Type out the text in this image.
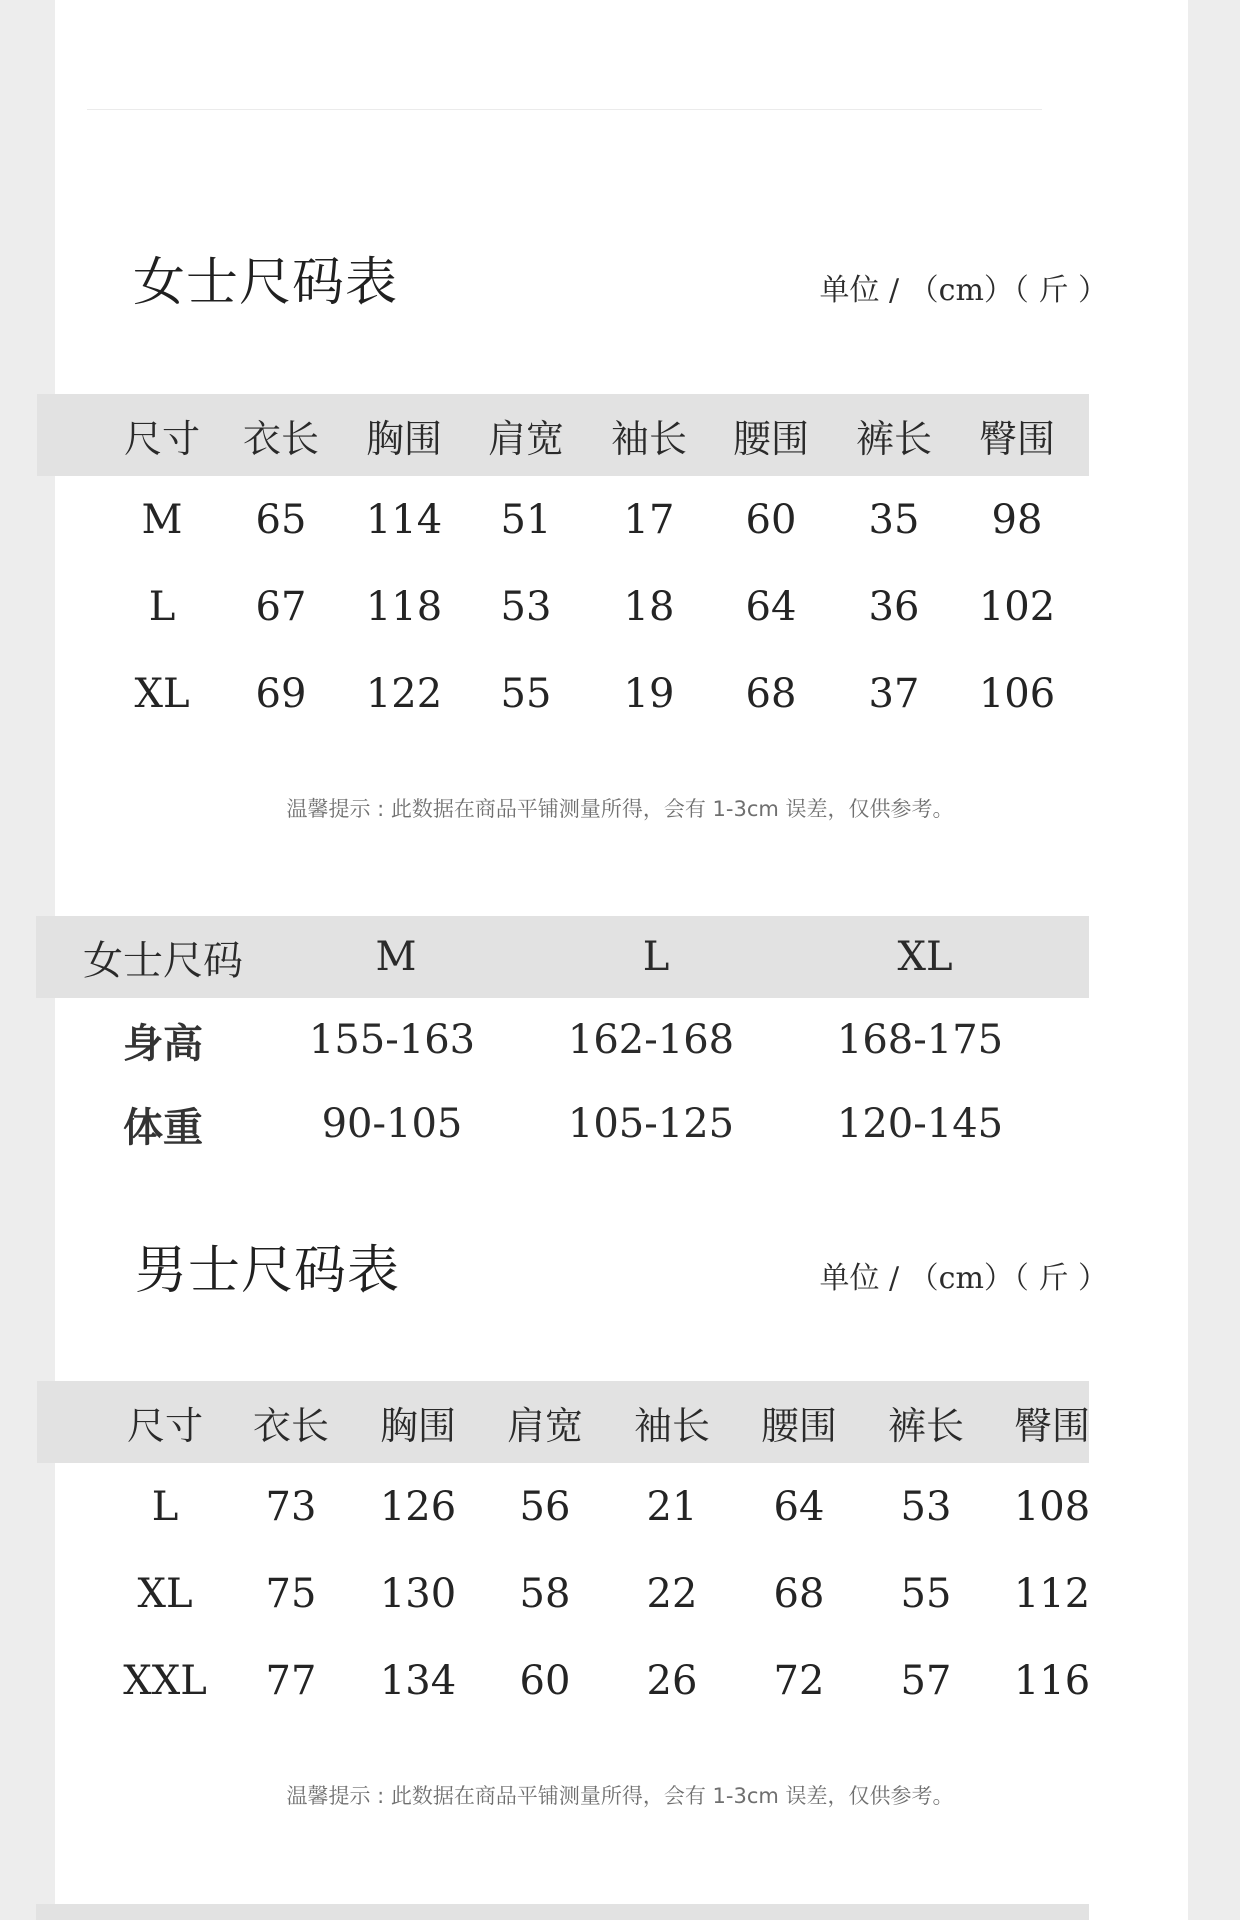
女士尺码表	单位 / （cm）（ 斤 ）
尺寸	衣长	胸围	肩宽	袖长	腰围	裤长	臀围
M	65	114	51	17	60	35	98
L	67	118	53	18	64	36	102
XL	69	122	55	19	68	37	106
温馨提示 : 此数据在商品平铺测量所得，会有 1-3cm 误差，仅供参考。
女士尺码	M	L	XL
身高	155-163	162-168	168-175
体重	90-105	105-125	120-145
男士尺码表	单位 / （cm）（ 斤 ）
尺寸	衣长	胸围	肩宽	袖长	腰围	裤长	臀围
L	73	126	56	21	64	53	108
XL	75	130	58	22	68	55	112
XXL	77	134	60	26	72	57	116
温馨提示 : 此数据在商品平铺测量所得，会有 1-3cm 误差，仅供参考。
